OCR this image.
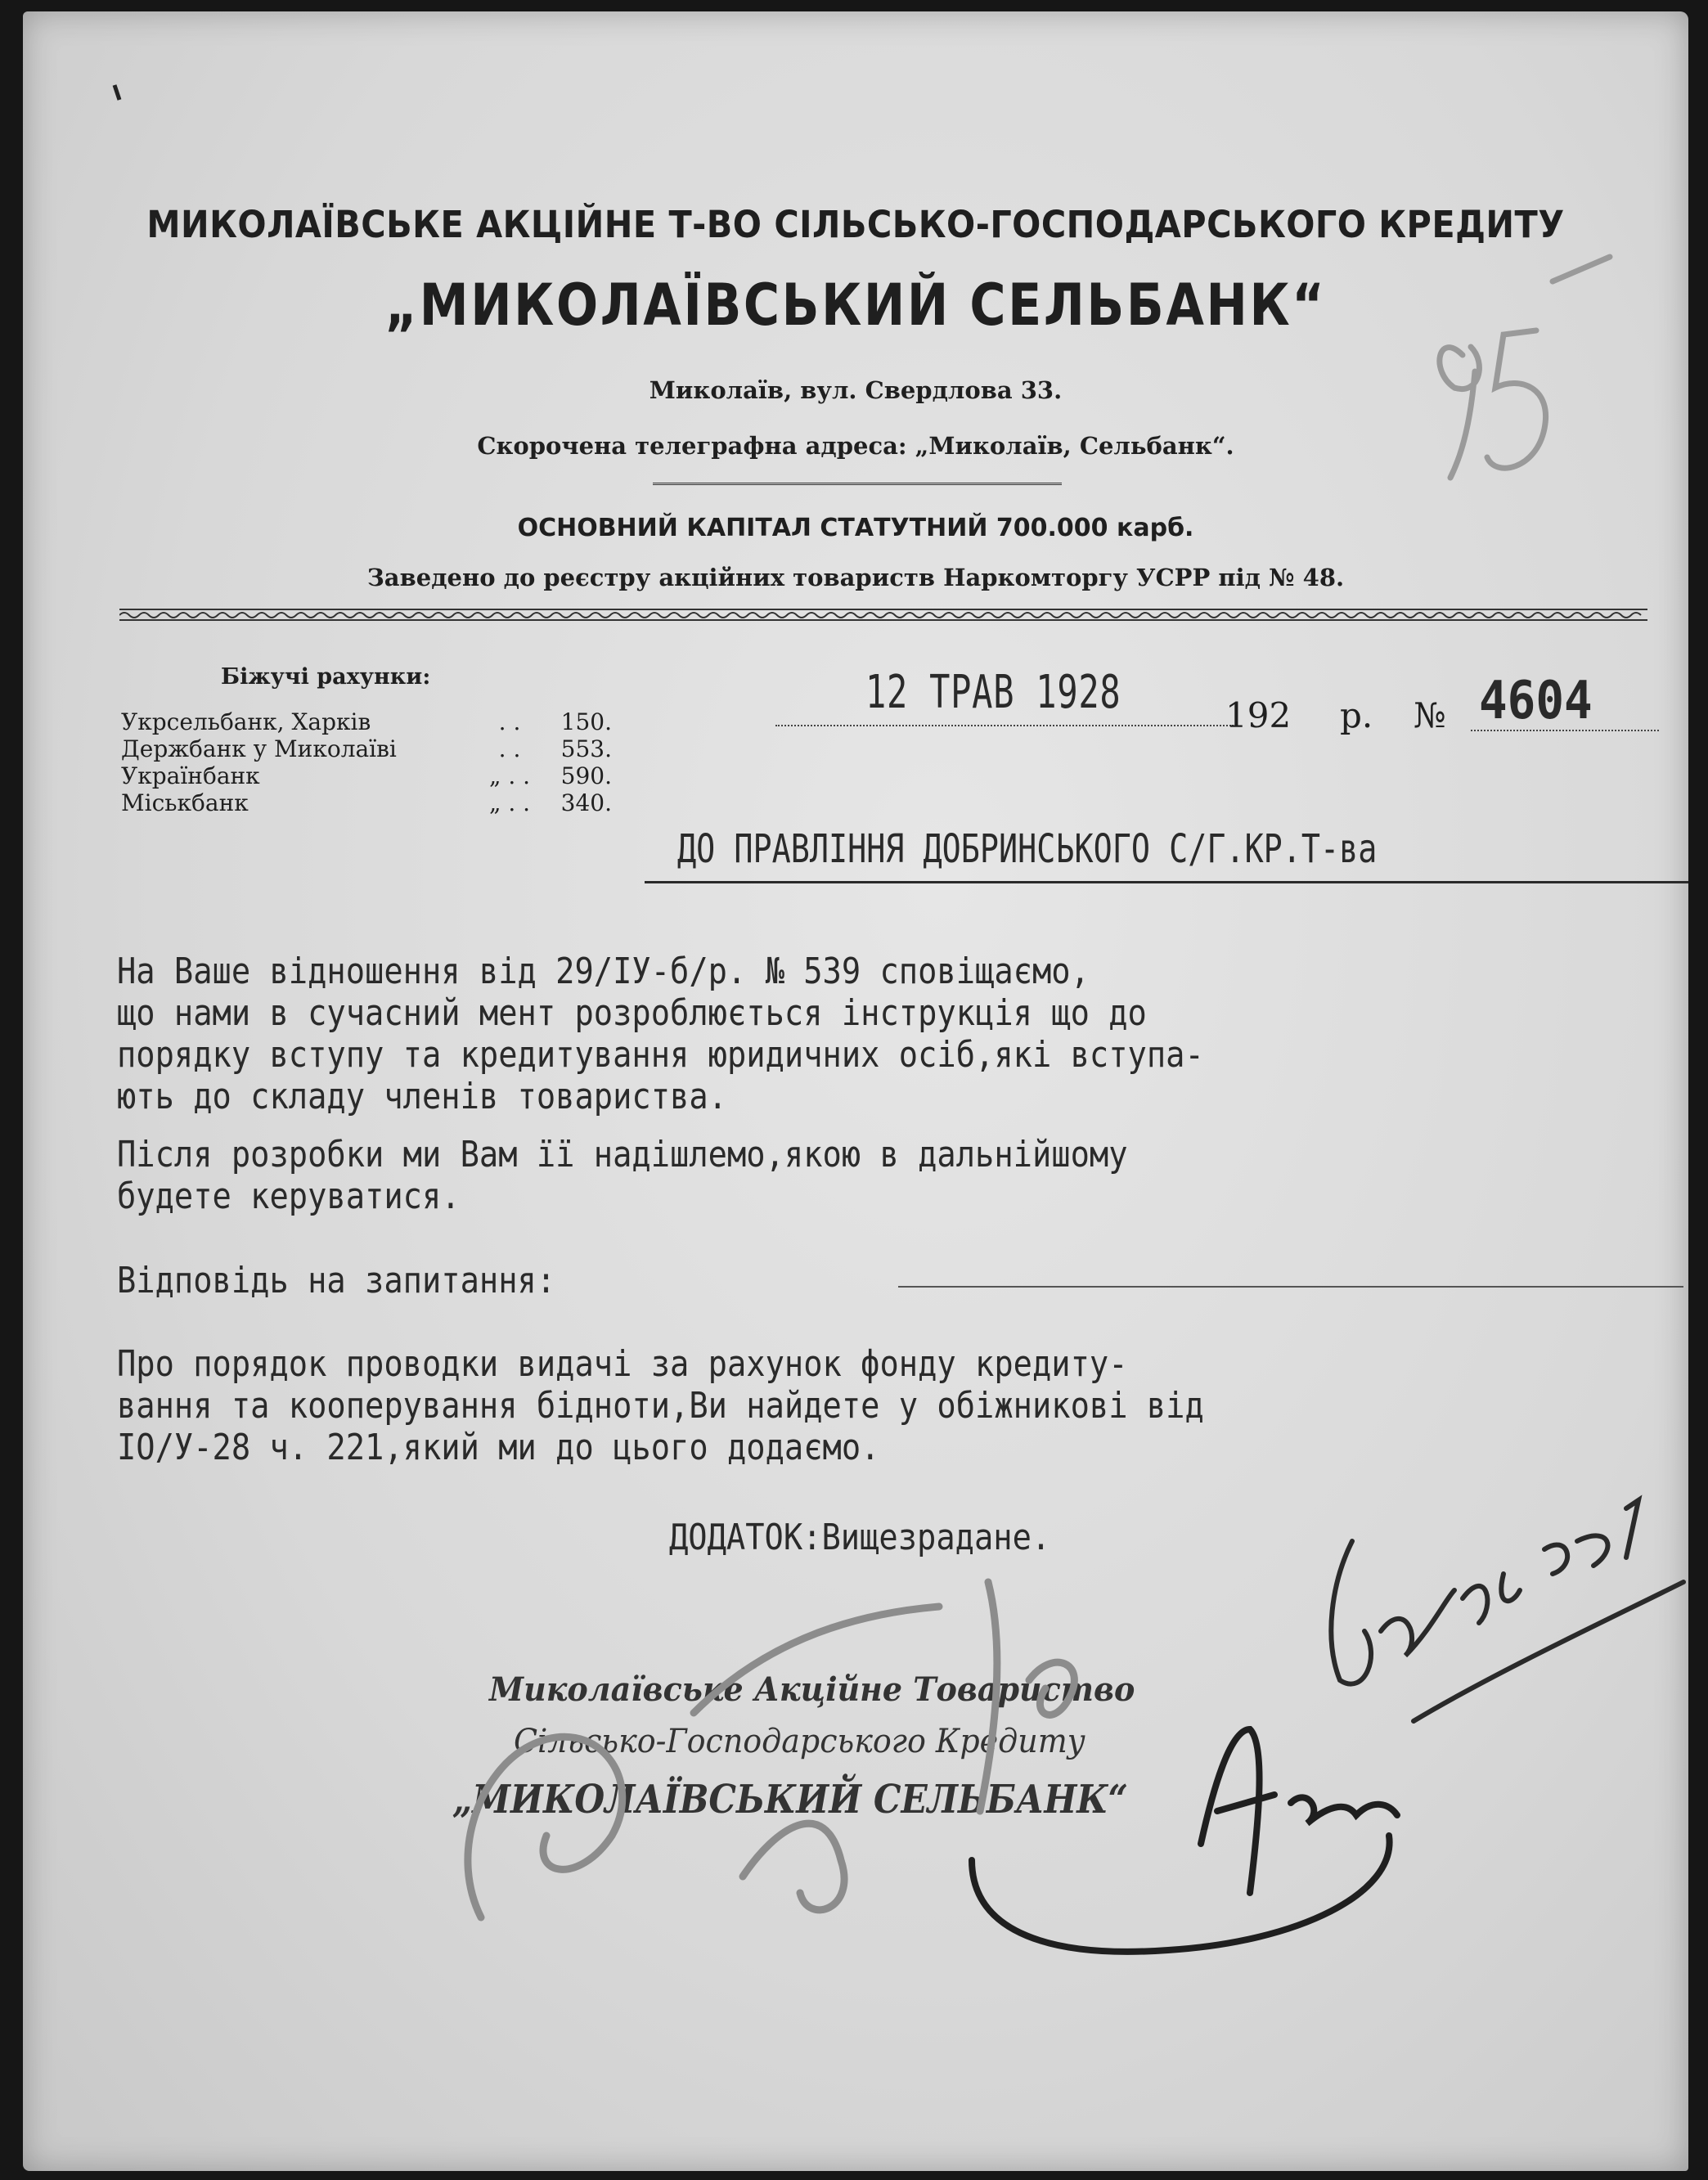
МИКОЛАЇВСЬКЕ АКЦІЙНЕ Т-ВО СІЛЬСЬКО-ГОСПОДАРСЬКОГО КРЕДИТУ
„МИКОЛАЇВСЬКИЙ СЕЛЬБАНК“
Миколаїв, вул. Свердлова 33.
Скорочена телеграфна адреса: „Миколаїв, Сельбанк“.
ОСНОВНИЙ КАПІТАЛ СТАТУТНИЙ 700.000 карб.
Заведено до реєстру акційних товариств Наркомторгу УСРР під № 48.
Біжучі рахунки:
Укрсельбанк, Харків	. .	150.
Держбанк у Миколаїві	. .	553.
Українбанк	„ . .	590.
Міськбанк	„ . .	340.
12 ТРАВ 1928	192 р. № 4604
ДО ПРАВЛІННЯ ДОБРИНСЬКОГО С/Г.КР.Т-ва
На Ваше відношення від 29/IУ-б/р. № 539 сповіщаємо,
що нами в сучасний мент розроблюється інструкція що до
порядку вступу та кредитування юридичних осіб,які вступа-
ють до складу членів товариства.
Після розробки ми Вам її надішлемо,якою в дальнійшому
будете керуватися.
Відповідь на запитання:
Про порядок проводки видачі за рахунок фонду кредиту-
вання та кооперування бідноти,Ви найдете у обіжникові від
IO/У-28 ч. 221,який ми до цього додаємо.
ДОДАТОК:Вищезрадане.
Миколаївське Акційне Товариство
Сільсько-Господарського Кредиту
„МИКОЛАЇВСЬКИЙ СЕЛЬБАНК“
